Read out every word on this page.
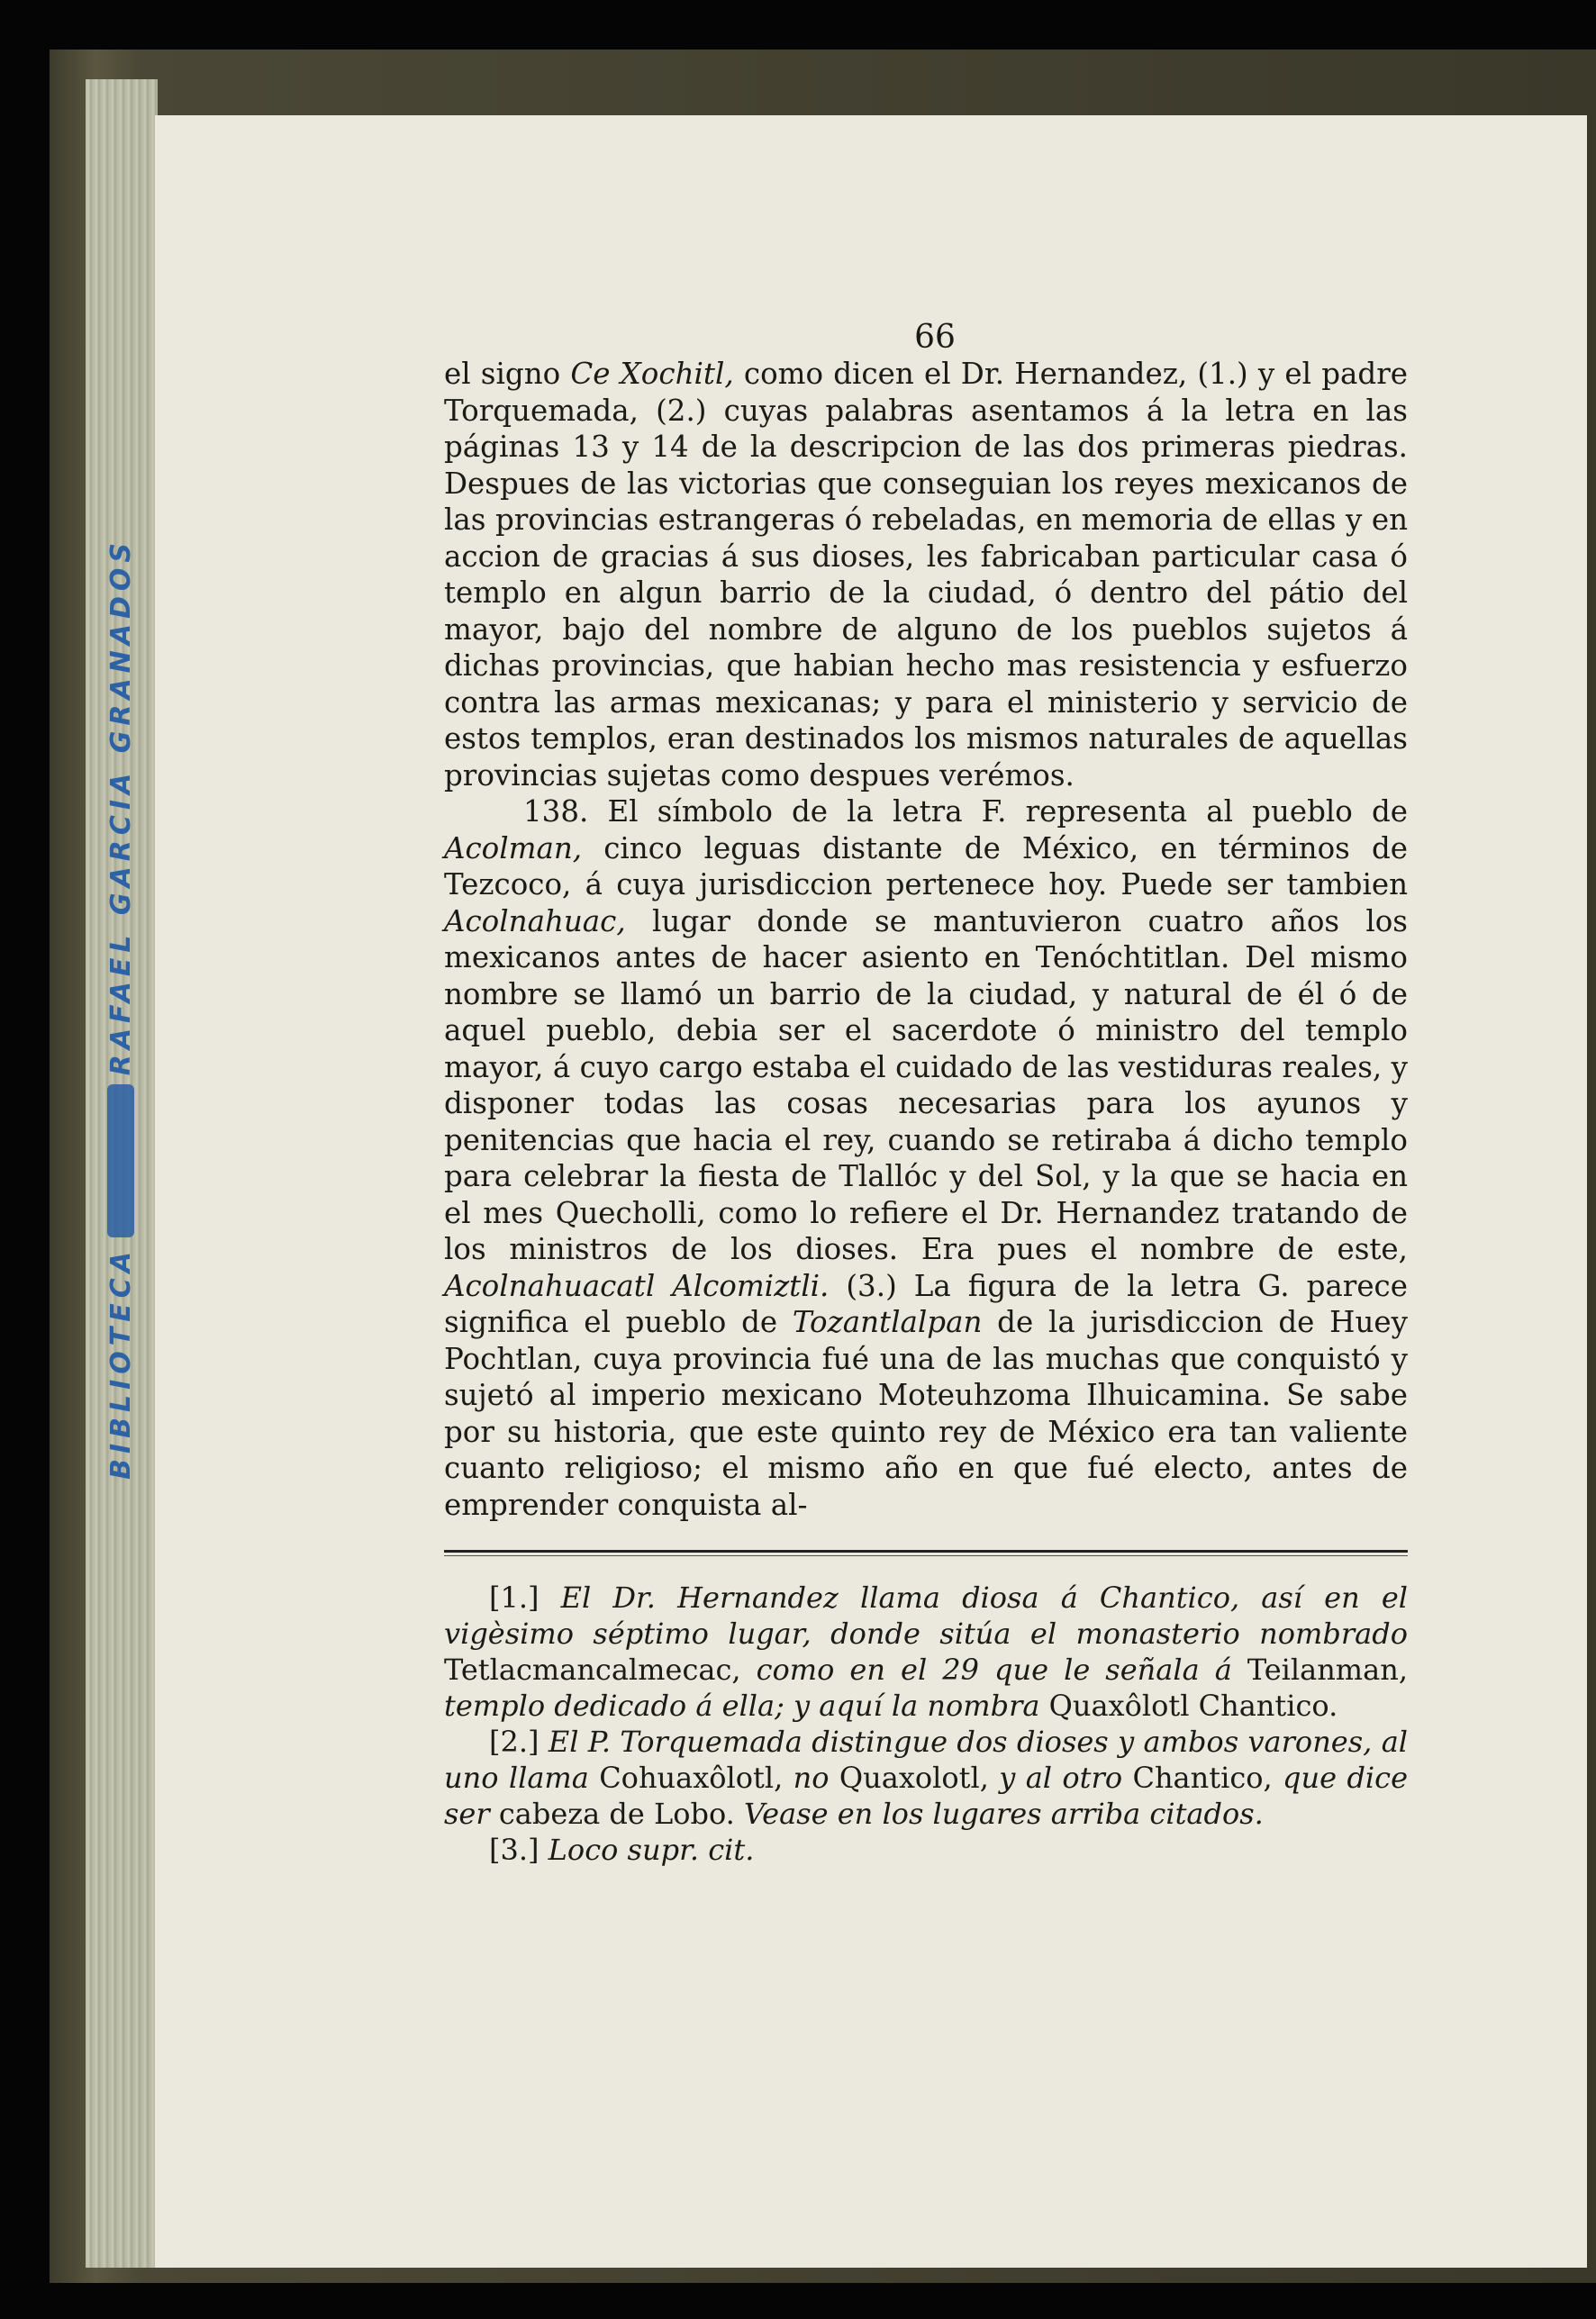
RAFAEL GARCIA GRANADOS
BIBLIOTECA
66

el signo Ce Xochitl, como dicen el Dr. Hernandez, (1.) y el padre Torquemada, (2.) cuyas palabras asentamos á la letra en las páginas 13 y 14 de la descripcion de las dos primeras piedras. Despues de las victorias que conseguian los reyes mexicanos de las provincias estrangeras ó rebeladas, en memoria de ellas y en accion de gracias á sus dioses, les fabricaban particular casa ó templo en algun barrio de la ciudad, ó dentro del pátio del mayor, bajo del nombre de alguno de los pueblos sujetos á dichas provincias, que habian hecho mas resistencia y esfuerzo contra las armas mexicanas; y para el ministerio y servicio de estos templos, eran destinados los mismos naturales de aquellas provincias sujetas como despues verémos.

138. El símbolo de la letra F. representa al pueblo de Acolman, cinco leguas distante de México, en términos de Tezcoco, á cuya jurisdiccion pertenece hoy. Puede ser tambien Acolnahuac, lugar donde se mantuvieron cuatro años los mexicanos antes de hacer asiento en Tenóchtitlan. Del mismo nombre se llamó un barrio de la ciudad, y natural de él ó de aquel pueblo, debia ser el sacerdote ó ministro del templo mayor, á cuyo cargo estaba el cuidado de las vestiduras reales, y disponer todas las cosas necesarias para los ayunos y penitencias que hacia el rey, cuando se retiraba á dicho templo para celebrar la fiesta de Tlallóc y del Sol, y la que se hacia en el mes Quecholli, como lo refiere el Dr. Hernandez tratando de los ministros de los dioses. Era pues el nombre de este, Acolnahuacatl Alcomiztli. (3.) La figura de la letra G. parece significa el pueblo de Tozantlalpan de la jurisdiccion de Huey Pochtlan, cuya provincia fué una de las muchas que conquistó y sujetó al imperio mexicano Moteuhzoma Ilhuicamina. Se sabe por su historia, que este quinto rey de México era tan valiente cuanto religioso; el mismo año en que fué electo, antes de emprender conquista al-

[1.] El Dr. Hernandez llama diosa á Chantico, así en el vigèsimo séptimo lugar, donde sitúa el monasterio nombrado Tetlacmancalmecac, como en el 29 que le señala á Teilanman, templo dedicado á ella; y aquí la nombra Quaxôlotl Chantico.

[2.] El P. Torquemada distingue dos dioses y ambos varones, al uno llama Cohuaxôlotl, no Quaxolotl, y al otro Chantico, que dice ser cabeza de Lobo. Vease en los lugares arriba citados.

[3.] Loco supr. cit.
